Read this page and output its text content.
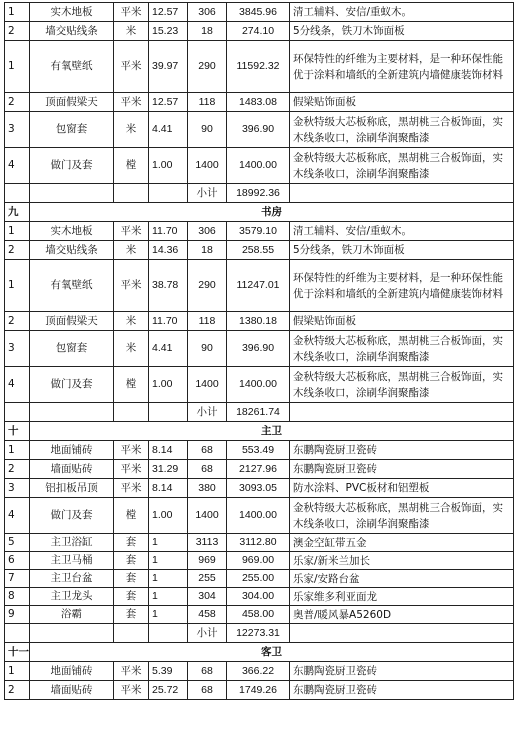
1	实木地板	平米	12.57	306	3845.96	清工辅料、安信/重蚁木。
2	墙交贴线条	米	15.23	18	274.10	5分线条，铁刀木饰面板
1	有氧壁纸	平米	39.97	290	11592.32	环保特性的纤维为主要材料，是一种环保性能优于涂料和墙纸的全新建筑内墙健康装饰材料
2	顶面假梁天	平米	12.57	118	1483.08	假梁贴饰面板
3	包窗套	米	4.41	90	396.90	金秋特级大芯板称底，黑胡桃三合板饰面，实木线条收口，涂刷华润聚酯漆
4	做门及套	樘	1.00	1400	1400.00	金秋特级大芯板称底，黑胡桃三合板饰面，实木线条收口，涂刷华润聚酯漆
				小计	18992.36	
九	书房					
1	实木地板	平米	11.70	306	3579.10	清工辅料、安信/重蚁木。
2	墙交贴线条	米	14.36	18	258.55	5分线条，铁刀木饰面板
1	有氧壁纸	平米	38.78	290	11247.01	环保特性的纤维为主要材料，是一种环保性能优于涂料和墙纸的全新建筑内墙健康装饰材料
2	顶面假梁天	米	11.70	118	1380.18	假梁贴饰面板
3	包窗套	米	4.41	90	396.90	金秋特级大芯板称底，黑胡桃三合板饰面，实木线条收口，涂刷华润聚酯漆
4	做门及套	樘	1.00	1400	1400.00	金秋特级大芯板称底，黑胡桃三合板饰面，实木线条收口，涂刷华润聚酯漆
				小计	18261.74	
十	主卫					
1	地面铺砖	平米	8.14	68	553.49	东鹏陶瓷厨卫瓷砖
2	墙面贴砖	平米	31.29	68	2127.96	东鹏陶瓷厨卫瓷砖
3	铝扣板吊顶	平米	8.14	380	3093.05	防水涂料、PVC板材和铝塑板
4	做门及套	樘	1.00	1400	1400.00	金秋特级大芯板称底，黑胡桃三合板饰面，实木线条收口，涂刷华润聚酯漆
5	主卫浴缸	套	1	3113	3112.80	澳金空缸带五金
6	主卫马桶	套	1	969	969.00	乐家/新米兰加长
7	主卫台盆	套	1	255	255.00	乐家/安路台盆
8	主卫龙头	套	1	304	304.00	乐家维多利亚面龙
9	浴霸	套	1	458	458.00	奥普/暖风暴A5260D
				小计	12273.31	
十一	客卫					
1	地面铺砖	平米	5.39	68	366.22	东鹏陶瓷厨卫瓷砖
2	墙面贴砖	平米	25.72	68	1749.26	东鹏陶瓷厨卫瓷砖
